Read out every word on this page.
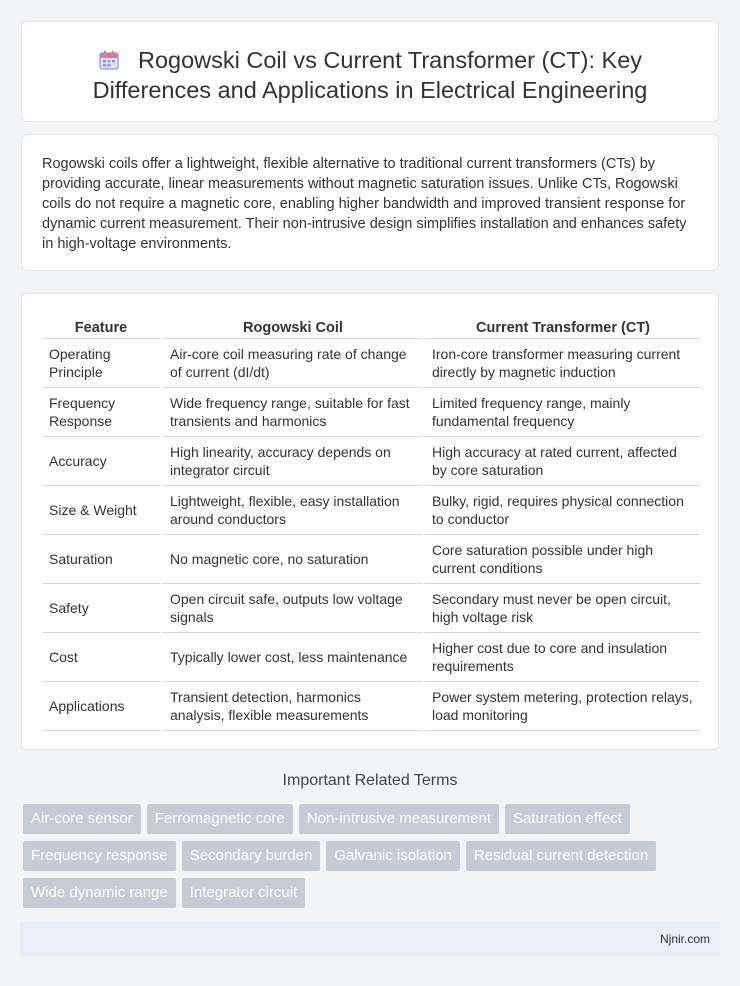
Rogowski Coil vs Current Transformer (CT): Key
Differences and Applications in Electrical Engineering

Rogowski coils offer a lightweight, flexible alternative to traditional current transformers (CTs) by providing accurate, linear measurements without magnetic saturation issues. Unlike CTs, Rogowski coils do not require a magnetic core, enabling higher bandwidth and improved transient response for dynamic current measurement. Their non-intrusive design simplifies installation and enhances safety in high-voltage environments.

Feature	Rogowski Coil	Current Transformer (CT)
Operating Principle	Air-core coil measuring rate of change of current (dI/dt)	Iron-core transformer measuring current directly by magnetic induction
Frequency Response	Wide frequency range, suitable for fast transients and harmonics	Limited frequency range, mainly fundamental frequency
Accuracy	High linearity, accuracy depends on integrator circuit	High accuracy at rated current, affected by core saturation
Size & Weight	Lightweight, flexible, easy installation around conductors	Bulky, rigid, requires physical connection to conductor
Saturation	No magnetic core, no saturation	Core saturation possible under high current conditions
Safety	Open circuit safe, outputs low voltage signals	Secondary must never be open circuit, high voltage risk
Cost	Typically lower cost, less maintenance	Higher cost due to core and insulation requirements
Applications	Transient detection, harmonics analysis, flexible measurements	Power system metering, protection relays, load monitoring
Important Related Terms
Air-core sensor	Ferromagnetic core	Non-intrusive measurement	Saturation effect
Frequency response	Secondary burden	Galvanic isolation	Residual current detection
Wide dynamic range	Integrator circuit
Njnir.com
